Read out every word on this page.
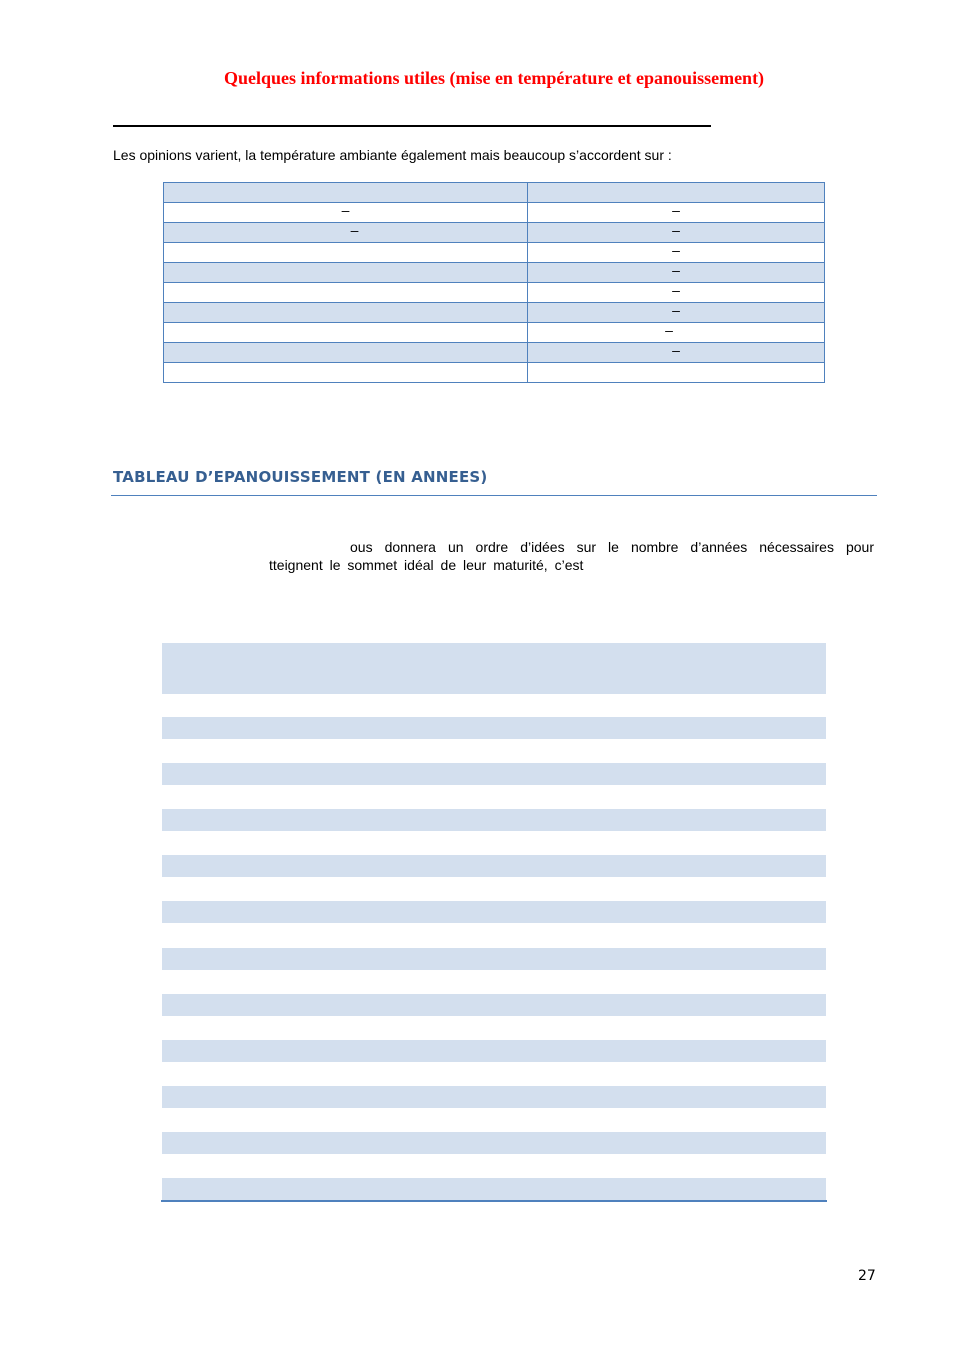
Quelques informations utiles (mise en température et epanouissement)
Les opinions varient, la température ambiante également mais beaucoup s’accordent sur :

–	–
–	–
	–
	–
	–
	–
	–
	–

TABLEAU D’EPANOUISSEMENT (EN ANNEES)
ous donnera un ordre d’idées sur le nombre d’années nécessaires pour
tteignent le sommet idéal de leur maturité, c’est
27
